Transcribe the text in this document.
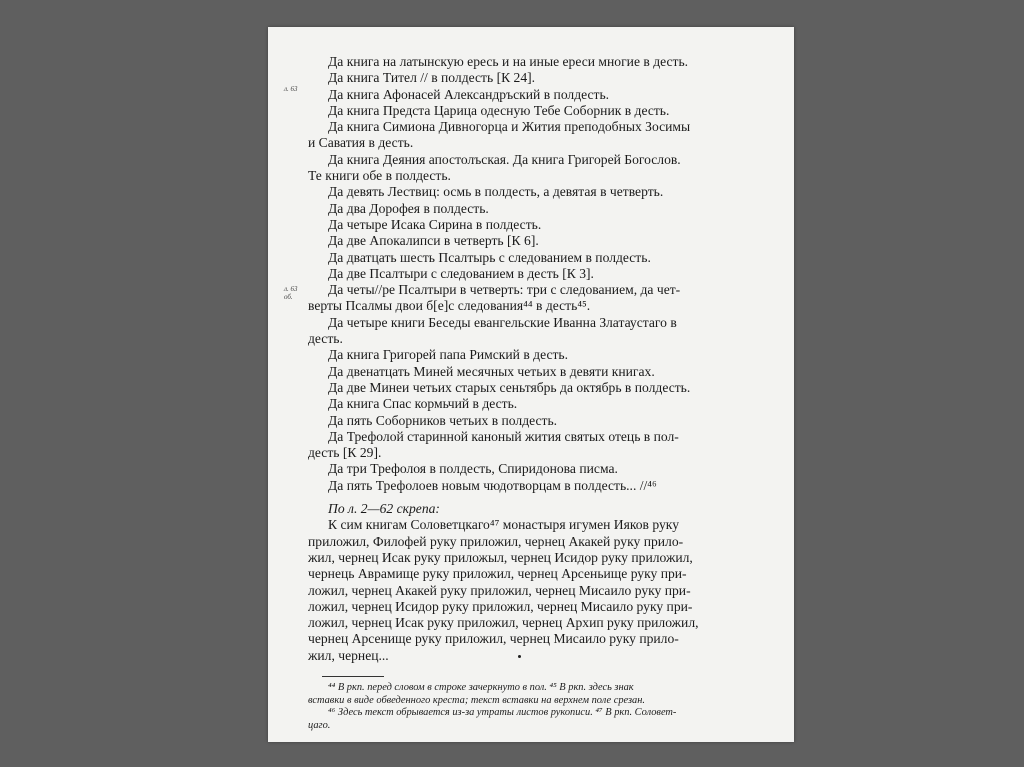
л. 63
л. 63 об.
Да книга на латынскую ересь и на иные ереси многие в десть.
Да книга Тител // в полдесть [К 24].
Да книга Афонасей Александръский в полдесть.
Да книга Предста Царица одесную Тебе Соборник в десть.
Да книга Симиона Дивногорца и Жития преподобных Зосимы
и Саватия в десть.
Да книга Деяния апостолъская. Да книга Григорей Богослов.
Те книги обе в полдесть.
Да девять Лествиц: осмь в полдесть, а девятая в четверть.
Да два Дорофея в полдесть.
Да четыре Исака Сирина в полдесть.
Да две Апокалипси в четверть [К 6].
Да дватцать шесть Псалтырь с следованием в полдесть.
Да две Псалтыри с следованием в десть [К 3].
Да четы//ре Псалтыри в четверть: три с следованием, да чет-
верты Псалмы двои б[е]с следования⁴⁴ в десть⁴⁵.
Да четыре книги Беседы евангельские Иванна Златаустаго в
десть.
Да книга Григорей папа Римский в десть.
Да двенатцать Миней месячных четьих в девяти книгах.
Да две Минеи четьих старых сеньтябрь да октябрь в полдесть.
Да книга Спас кормьчий в десть.
Да пять Соборников четьих в полдесть.
Да Трефолой старинной каноный жития святых отець в пол-
десть [К 29].
Да три Трефолоя в полдесть, Спиридонова писма.
Да пять Трефолоев новым чюдотворцам в полдесть... //⁴⁶
По л. 2—62 скрепа:
К сим книгам Соловетцкаго⁴⁷ монастыря игумен Ияков руку
приложил, Филофей руку приложил, чернец Акакей руку прило-
жил, чернец Исак руку приложыл, чернец Исидор руку приложил,
чернець Аврамище руку приложил, чернец Арсеньище руку при-
ложил, чернец Акакей руку приложил, чернец Мисаило руку при-
ложил, чернец Исидор руку приложил, чернец Мисаило руку при-
ложил, чернец Исак руку приложил, чернец Архип руку приложил,
чернец Арсенище руку приложил, чернец Мисаило руку прило-
жил, чернец...
⁴⁴ В ркп. перед словом в строке зачеркнуто в пол. ⁴⁵ В ркп. здесь знак
вставки в виде обведенного креста; текст вставки на верхнем поле срезан.
⁴⁶ Здесь текст обрывается из-за утраты листов рукописи. ⁴⁷ В ркп. Соловет-
цаго.
